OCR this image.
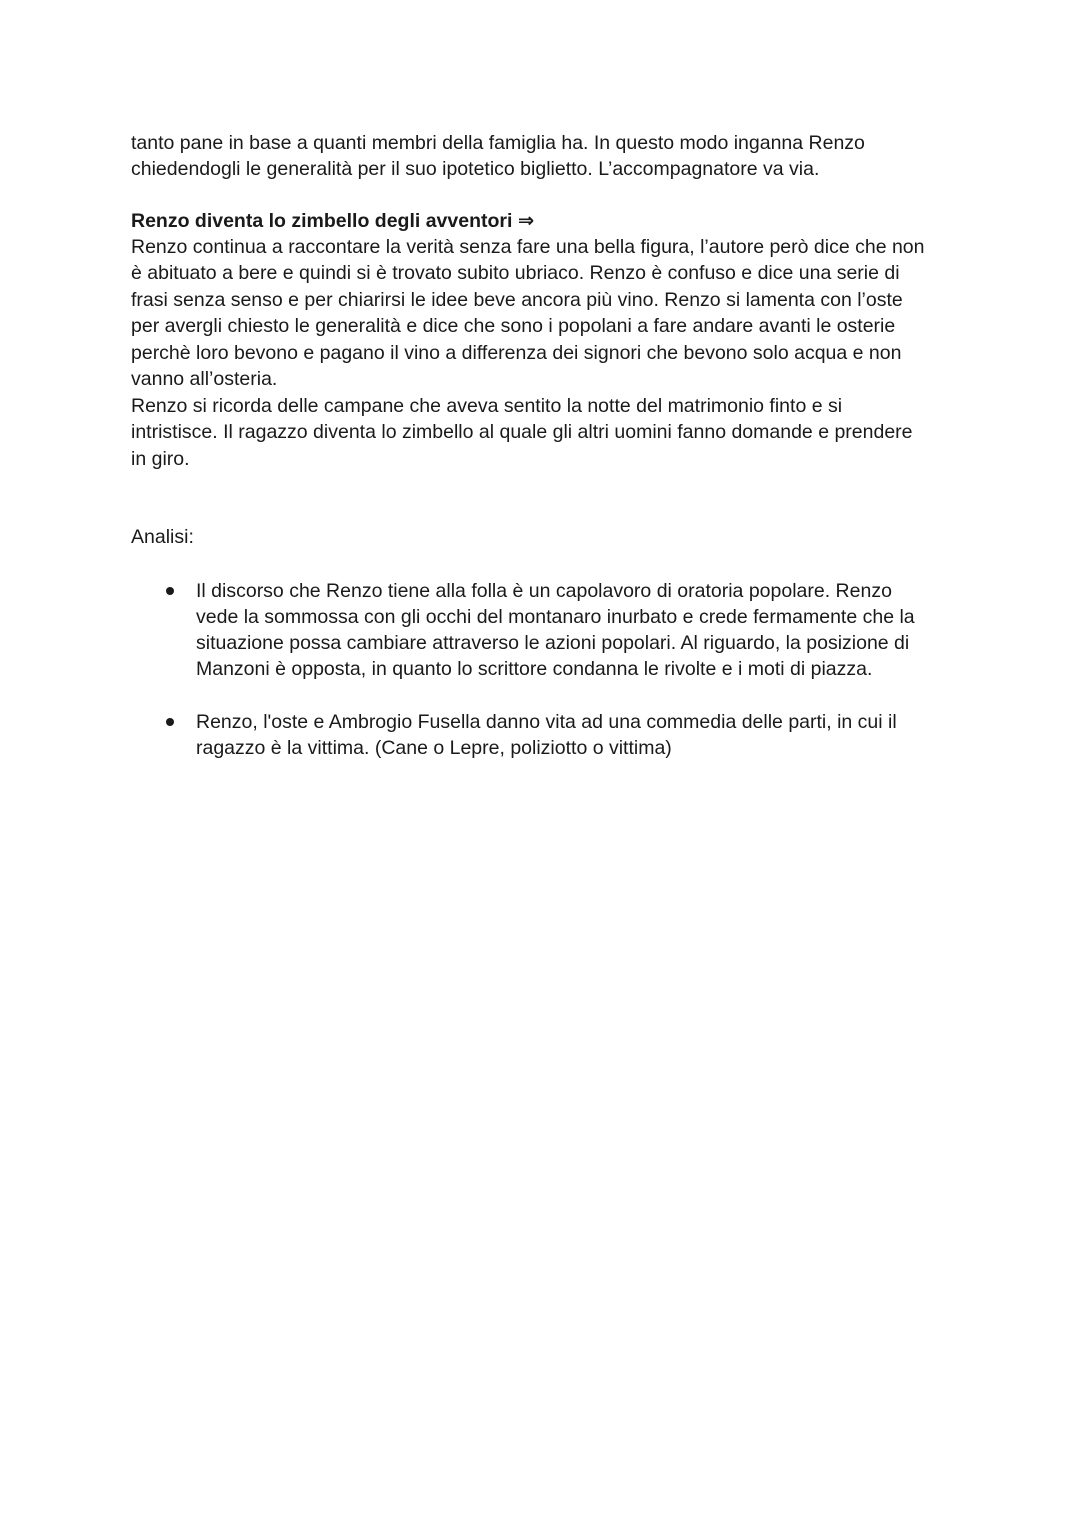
tanto pane in base a quanti membri della famiglia ha. In questo modo inganna Renzo

chiedendogli le generalità per il suo ipotetico biglietto. L’accompagnatore va via.

Renzo diventa lo zimbello degli avventori ⇒

Renzo continua a raccontare la verità senza fare una bella figura, l’autore però dice che non

è abituato a bere e quindi si è trovato subito ubriaco. Renzo è confuso e dice una serie di

frasi senza senso e per chiarirsi le idee beve ancora più vino. Renzo si lamenta con l’oste

per avergli chiesto le generalità e dice che sono i popolani a fare andare avanti le osterie

perchè loro bevono e pagano il vino a differenza dei signori che bevono solo acqua e non

vanno all’osteria.

Renzo si ricorda delle campane che aveva sentito la notte del matrimonio finto e si

intristisce. Il ragazzo diventa lo zimbello al quale gli altri uomini fanno domande e prendere

in giro.

Analisi:

Il discorso che Renzo tiene alla folla è un capolavoro di oratoria popolare. Renzo

vede la sommossa con gli occhi del montanaro inurbato e crede fermamente che la

situazione possa cambiare attraverso le azioni popolari. Al riguardo, la posizione di

Manzoni è opposta, in quanto lo scrittore condanna le rivolte e i moti di piazza.

Renzo, l'oste e Ambrogio Fusella danno vita ad una commedia delle parti, in cui il

ragazzo è la vittima. (Cane o Lepre, poliziotto o vittima)
